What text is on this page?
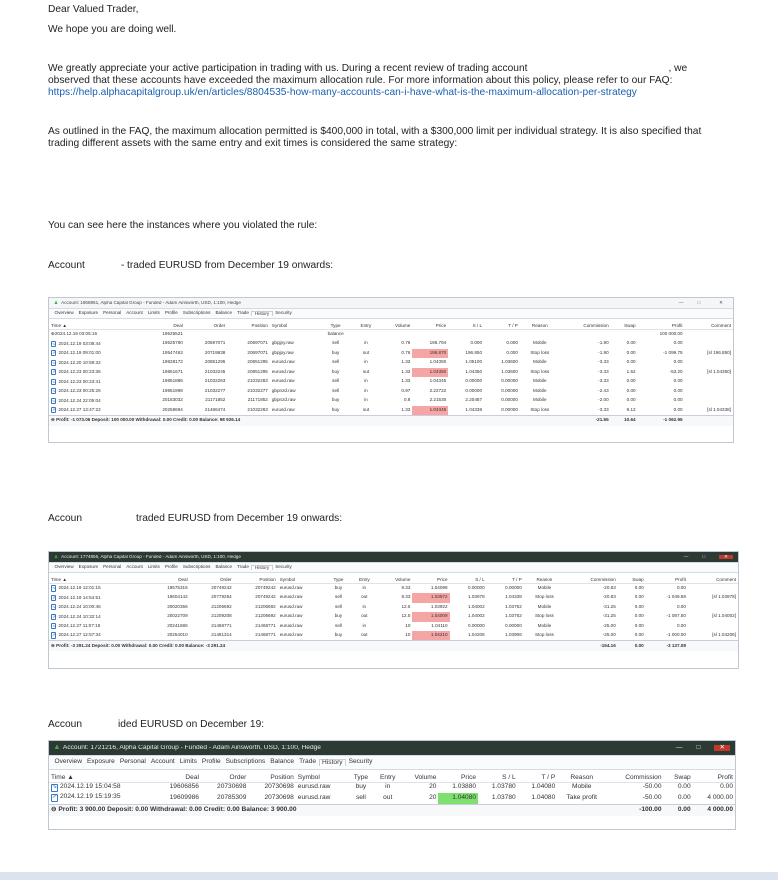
Dear Valued Trader,
We hope you are doing well.
We greatly appreciate your active participation in trading with us. During a recent review of trading account	, we
observed that these accounts have exceeded the maximum allocation rule. For more information about this policy, please refer to our FAQ:
https://help.alphacapitalgroup.uk/en/articles/8804535-how-many-accounts-can-i-have-what-is-the-maximum-allocation-per-strategy
As outlined in the FAQ, the maximum allocation permitted is $400,000 in total, with a $300,000 limit per individual strategy. It is also specified that
trading different assets with the same entry and exit times is considered the same strategy:
You can see here the instances where you violated the rule:
Account	- traded EURUSD from December 19 onwards:
♟ Account: 1868951, Alpha Capital Group - Funded - Adam Ainsworth, USD, 1:100, Hedge	—	□	✕
Overview	Exposure	Personal	Account	Limits	Profile	Subscriptions	Balance	Trade	History	Security
Time ▲	Deal	Order	Position	Symbol	Type	Entry	Volume	Price	S / L	T / P	Reason	Commission	Swap	Profit	Comment
⊕2024.12.19 03:05:16	19525521				balance									100 000.00	
⇘ 2024.12.19 03:08:44	19525790	20697071	20697071	gbpjpy.raw	sell	in	0.76	196.794	0.000	0.000	Mobile	-1.90	0.00	0.00	
⇗ 2024.12.19 09:01:00	19547463	20719838	20697071	gbpjpy.raw	buy	out	0.76	196.870	196.850	0.000	Stop loss	-1.90	0.00	-1 099.75	[sl 196.850]
⇘ 2024.12.20 10:59:32	19828172	20851295	20851295	eurusd.raw	sell	in	1.33	1.04350	1.05100	1.03600	Mobile	-3.33	0.00	0.00	
⇗ 2024.12.23 00:23:36	19851671	21032245	20851295	eurusd.raw	buy	out	1.33	1.04350	1.04350	1.03600	Stop loss	-3.33	1.52	-53.20	[sl 1.04350]
⇘ 2024.12.23 00:23:41	19851886	21032263	21032263	eurusd.raw	sell	in	1.33	1.04345	0.00000	0.00000	Mobile	-3.33	0.00	0.00	
⇘ 2024.12.23 00:25:26	19851998	21032277	21032277	gbpnzd.raw	sell	in	0.97	2.22722	0.00000	0.00000	Mobile	-2.43	0.00	0.00	
⇘ 2024.12.24 22:05:04	20183032	21171852	21171852	gbpnzd.raw	buy	in	0.8	2.21530	2.20487	0.00000	Mobile	-2.00	0.00	0.00	
⇗ 2024.12.27 13:47:22	20258694	21486474	21032263	eurusd.raw	buy	out	1.33	1.04345	1.04338	0.00000	Stop loss	-3.33	9.12	0.00	[sl 1.04338]
⊖ Profit: -1 073.06 Deposit: 100 000.00 Withdrawal: 0.00 Credit: 0.00 Balance: 98 926.14												-21.55	10.64	-1 062.95	
Accoun	traded EURUSD from December 19 onwards:
♟ Account: 1774856, Alpha Capital Group - Funded - Adam Ainsworth, USD, 1:100, Hedge	—	□	✕
Overview	Exposure	Personal	Account	Limits	Profile	Subscriptions	Balance	Trade	History	Security
Time ▲	Deal	Order	Position	Symbol	Type	Entry	Volume	Price	S / L	T / P	Reason	Commission	Swap	Profit	Comment
⇘ 2024.12.19 12:01:15	19575315	20749242	20749242	eurusd.raw	buy	in	8.33	1.04098	0.00000	0.00000	Mobile	-20.83	0.00	0.00	
⇗ 2024.12.19 14:54:51	19604142	20779264	20749242	eurusd.raw	sell	out	8.33	1.03972	1.03978	1.04338	Stop loss	-20.83	0.00	-1 049.58	[sl 1.03978]
⇘ 2024.12.24 10:00:46	20020356	21206692	21206692	eurusd.raw	sell	in	12.5	1.03922	1.04002	1.03762	Mobile	-31.25	0.00	0.00	
⇗ 2024.12.24 10:32:14	20022709	21209208	21206692	eurusd.raw	buy	out	12.5	1.04009	1.04002	1.03762	Stop loss	-31.25	0.00	-1 087.50	[sl 1.04002]
⇘ 2024.12.27 11:07:16	20241686	21468771	21468771	eurusd.raw	sell	in	10	1.04110	0.00000	0.00000	Mobile	-25.00	0.00	0.00	
⇗ 2024.12.27 12:57:34	20254010	21481314	21468771	eurusd.raw	buy	out	10	1.04210	1.04206	1.03906	Stop loss	-25.00	0.00	-1 000.00	[sl 1.04206]
⊖ Profit: -3 291.24 Deposit: 0.00 Withdrawal: 0.00 Credit: 0.00 Balance: -3 291.24												-154.16	0.00	-3 137.08	
Accoun	ided EURUSD on December 19:
♟ Account: 1721216, Alpha Capital Group - Funded - Adam Ainsworth, USD, 1:100, Hedge	— □	✕
Overview Exposure Personal Account Limits Profile Subscriptions Balance Trade History Security
Time ▲	Deal	Order	Position	Symbol	Type	Entry	Volume	Price	S / L	T / P	Reason	Commission	Swap	Profit
⇘ 2024.12.19 15:04:58	19606856	20730698	20730698	eurusd.raw	buy	in	20	1.03880	1.03780	1.04080	Mobile	-50.00	0.00	0.00
⇗ 2024.12.19 15:19:35	19609986	20785309	20730698	eurusd.raw	sell	out	20	1.04080	1.03780	1.04080	Take profit	-50.00	0.00	4 000.00
⊖ Profit: 3 900.00 Deposit: 0.00 Withdrawal: 0.00 Credit: 0.00 Balance: 3 900.00												-100.00	0.00	4 000.00
